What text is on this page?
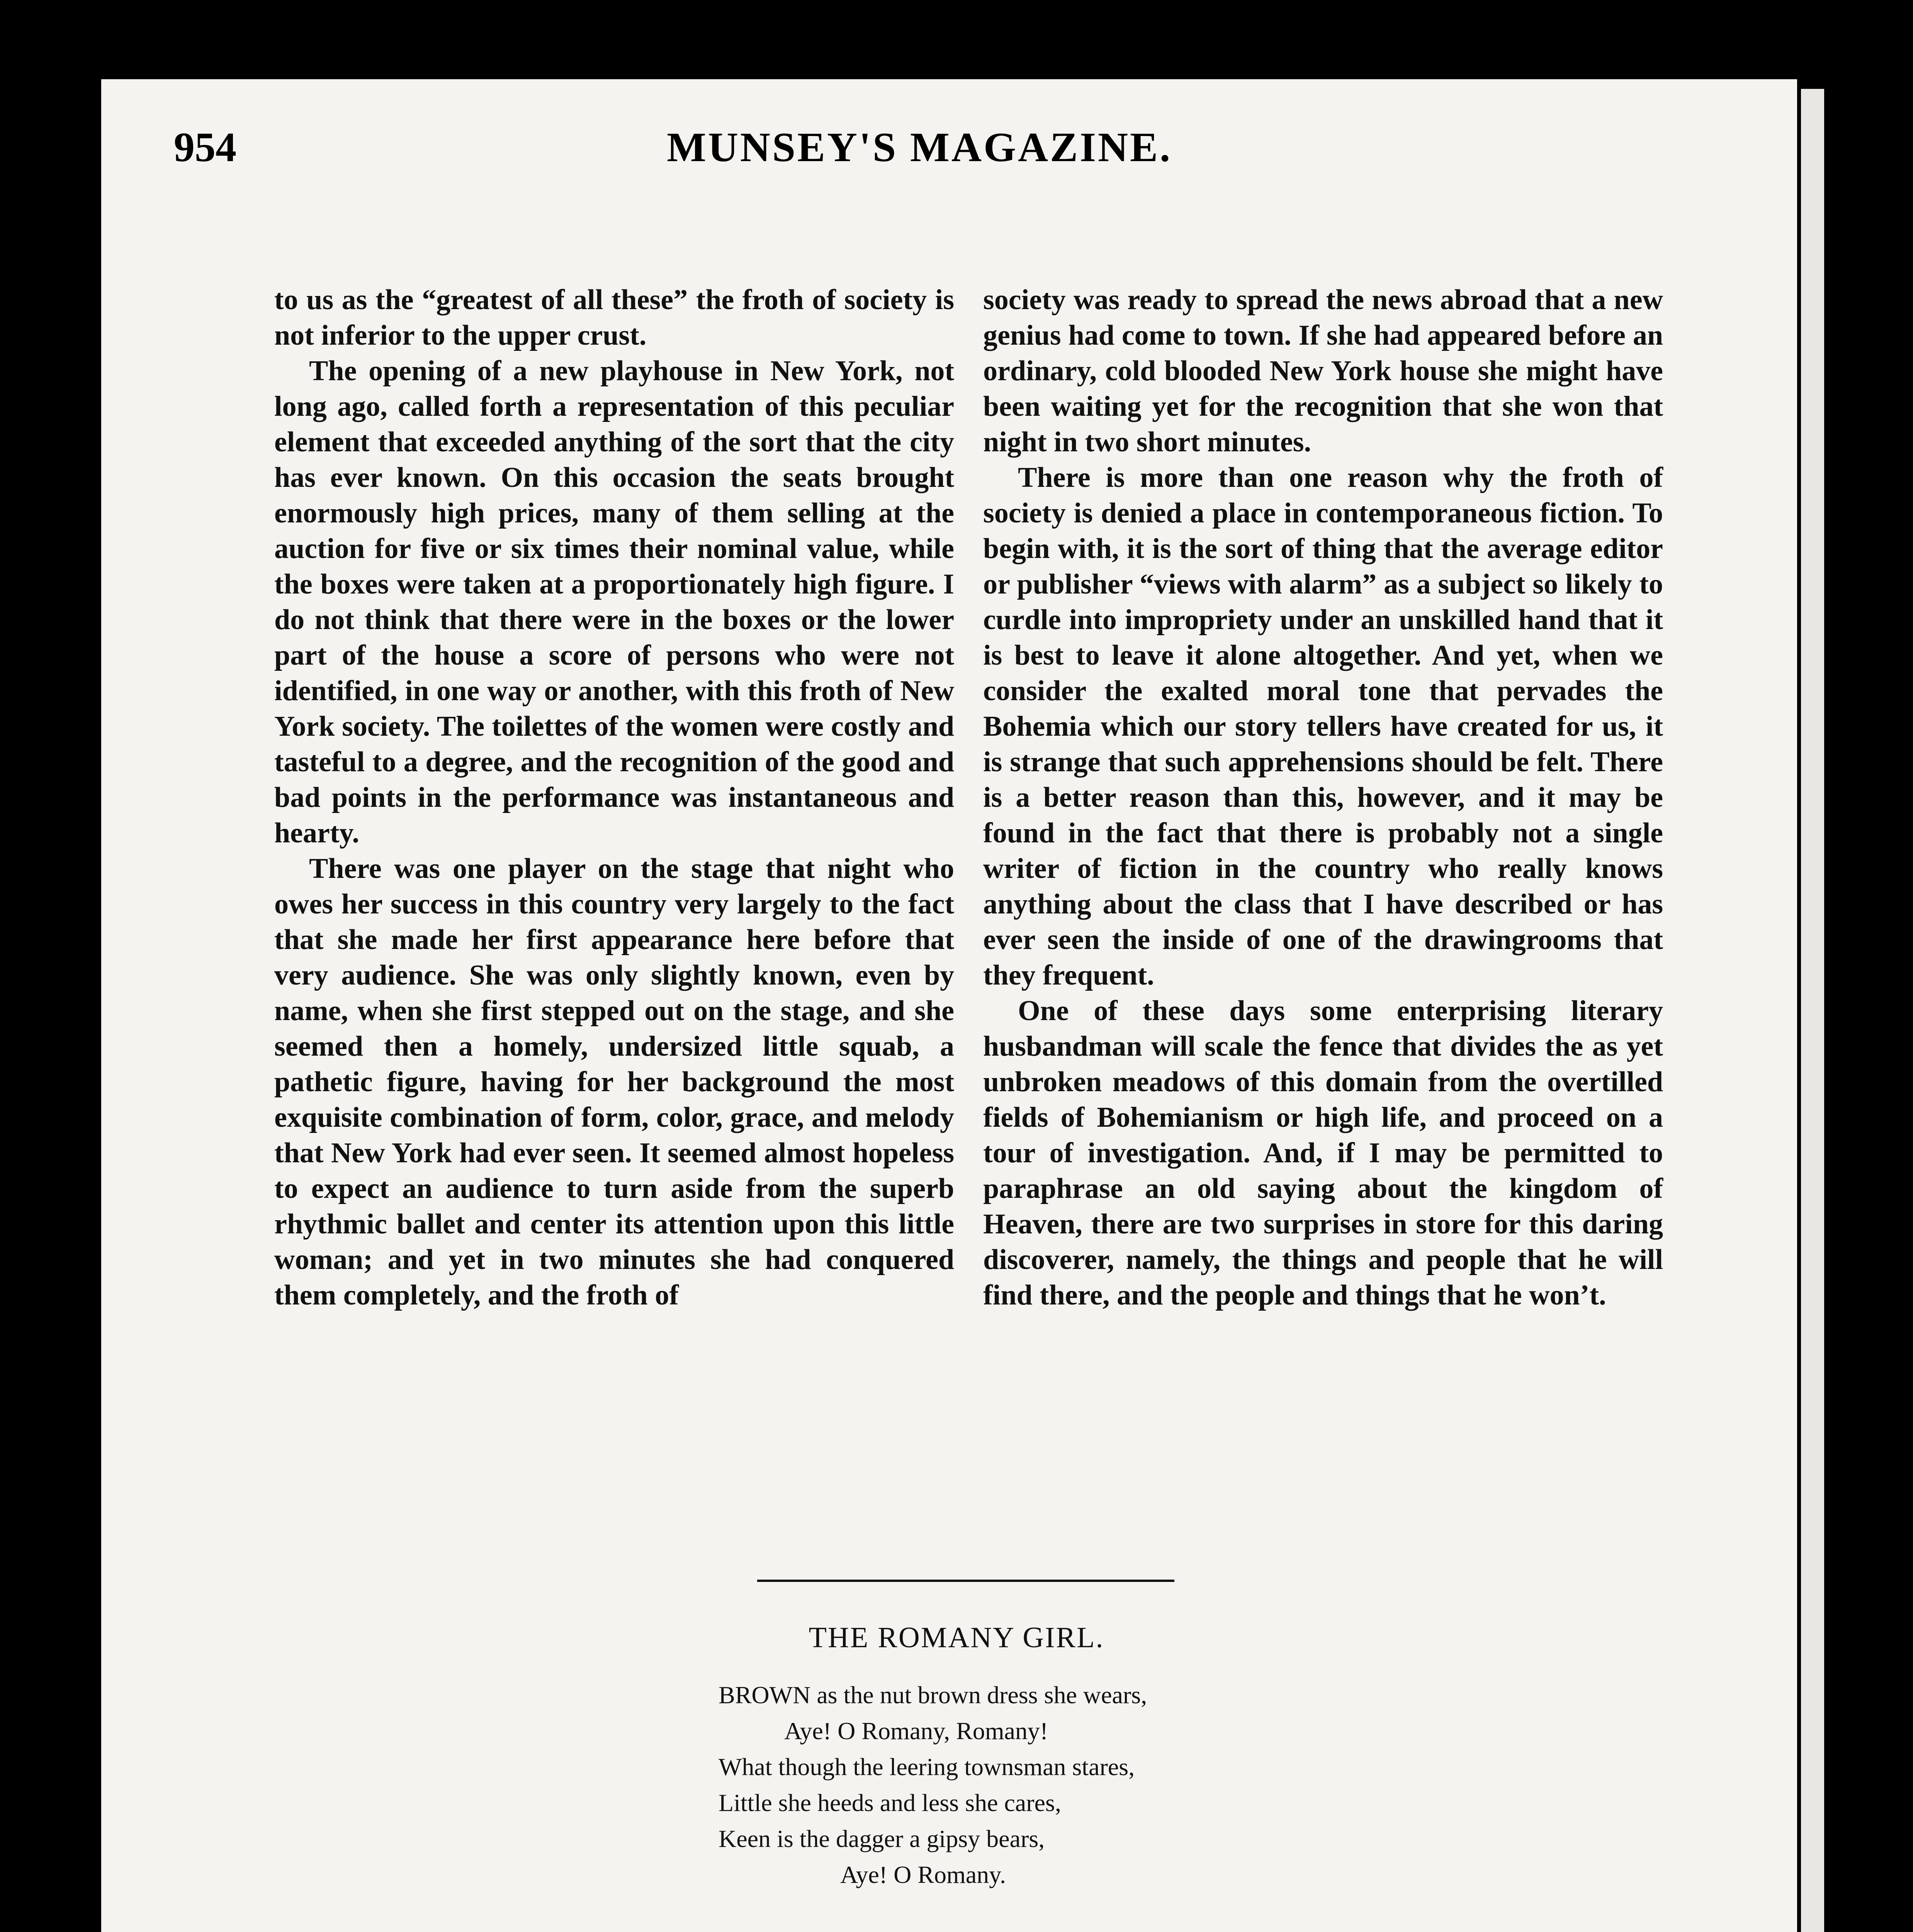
954	MUNSEY'S MAGAZINE.

to us as the “greatest of all these” the froth of society is not inferior to the upper crust.

The opening of a new playhouse in New York, not long ago, called forth a representation of this peculiar element that exceeded anything of the sort that the city has ever known. On this occasion the seats brought enormously high prices, many of them selling at the auction for five or six times their nominal value, while the boxes were taken at a proportionately high figure. I do not think that there were in the boxes or the lower part of the house a score of persons who were not identified, in one way or another, with this froth of New York society. The toilettes of the women were costly and tasteful to a degree, and the recognition of the good and bad points in the performance was instantaneous and hearty.

There was one player on the stage that night who owes her success in this country very largely to the fact that she made her first appearance here before that very audience. She was only slightly known, even by name, when she first stepped out on the stage, and she seemed then a homely, undersized little squab, a pathetic figure, having for her background the most exquisite combination of form, color, grace, and melody that New York had ever seen. It seemed almost hopeless to expect an audience to turn aside from the superb rhythmic ballet and center its attention upon this little woman; and yet in two minutes she had conquered them completely, and the froth of

society was ready to spread the news abroad that a new genius had come to town. If she had appeared before an ordinary, cold blooded New York house she might have been waiting yet for the recognition that she won that night in two short minutes.

There is more than one reason why the froth of society is denied a place in contemporaneous fiction. To begin with, it is the sort of thing that the average editor or publisher “views with alarm” as a subject so likely to curdle into impropriety under an unskilled hand that it is best to leave it alone altogether. And yet, when we consider the exalted moral tone that pervades the Bohemia which our story tellers have created for us, it is strange that such apprehensions should be felt. There is a better reason than this, however, and it may be found in the fact that there is probably not a single writer of fiction in the country who really knows anything about the class that I have described or has ever seen the inside of one of the drawingrooms that they frequent.

One of these days some enterprising literary husbandman will scale the fence that divides the as yet unbroken meadows of this domain from the overtilled fields of Bohemianism or high life, and proceed on a tour of investigation. And, if I may be permitted to paraphrase an old saying about the kingdom of Heaven, there are two surprises in store for this daring discoverer, namely, the things and people that he will find there, and the people and things that he won’t.

THE ROMANY GIRL.
BROWN as the nut brown dress she wears,
Aye! O Romany, Romany!
What though the leering townsman stares,
Little she heeds and less she cares,
Keen is the dagger a gipsy bears,
Aye! O Romany.
